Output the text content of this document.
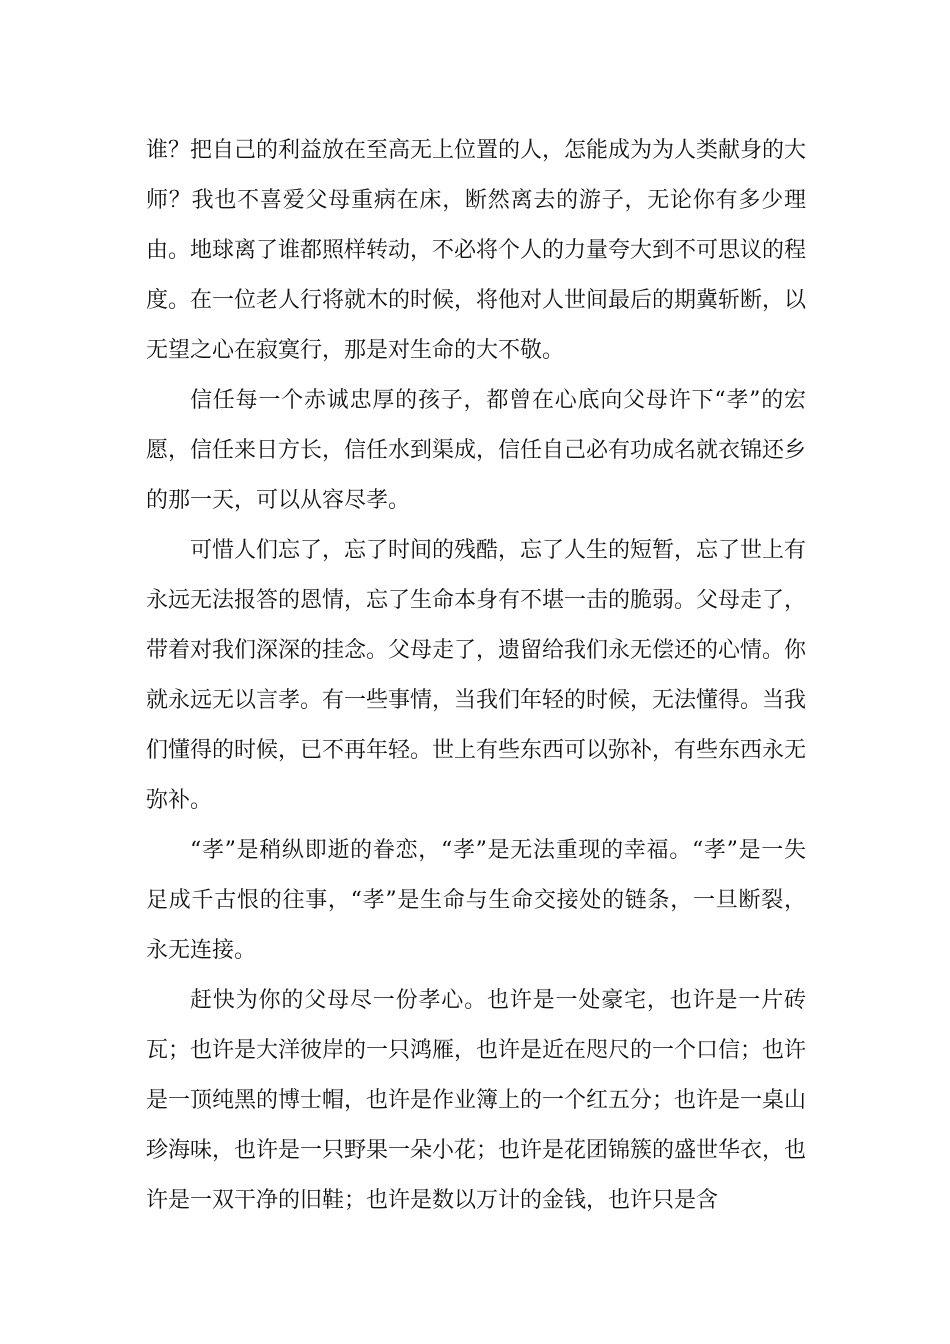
谁？把自己的利益放在至高无上位置的人，怎能成为为人类献身的大师？我也不喜爱父母重病在床，断然离去的游子，无论你有多少理由。地球离了谁都照样转动，不必将个人的力量夸大到不可思议的程度。在一位老人行将就木的时候，将他对人世间最后的期冀斩断，以无望之心在寂寞行，那是对生命的大不敬。

信任每一个赤诚忠厚的孩子，都曾在心底向父母许下“孝”的宏愿，信任来日方长，信任水到渠成，信任自己必有功成名就衣锦还乡的那一天，可以从容尽孝。

可惜人们忘了，忘了时间的残酷，忘了人生的短暂，忘了世上有永远无法报答的恩情，忘了生命本身有不堪一击的脆弱。父母走了，带着对我们深深的挂念。父母走了，遗留给我们永无偿还的心情。你就永远无以言孝。有一些事情，当我们年轻的时候，无法懂得。当我们懂得的时候，已不再年轻。世上有些东西可以弥补，有些东西永无弥补。

“孝”是稍纵即逝的眷恋，“孝”是无法重现的幸福。“孝”是一失足成千古恨的往事，“孝”是生命与生命交接处的链条，一旦断裂，永无连接。

赶快为你的父母尽一份孝心。也许是一处豪宅，也许是一片砖瓦；也许是大洋彼岸的一只鸿雁，也许是近在咫尺的一个口信；也许是一顶纯黑的博士帽，也许是作业簿上的一个红五分；也许是一桌山珍海味，也许是一只野果一朵小花；也许是花团锦簇的盛世华衣，也许是一双干净的旧鞋；也许是数以万计的金钱，也许只是含
